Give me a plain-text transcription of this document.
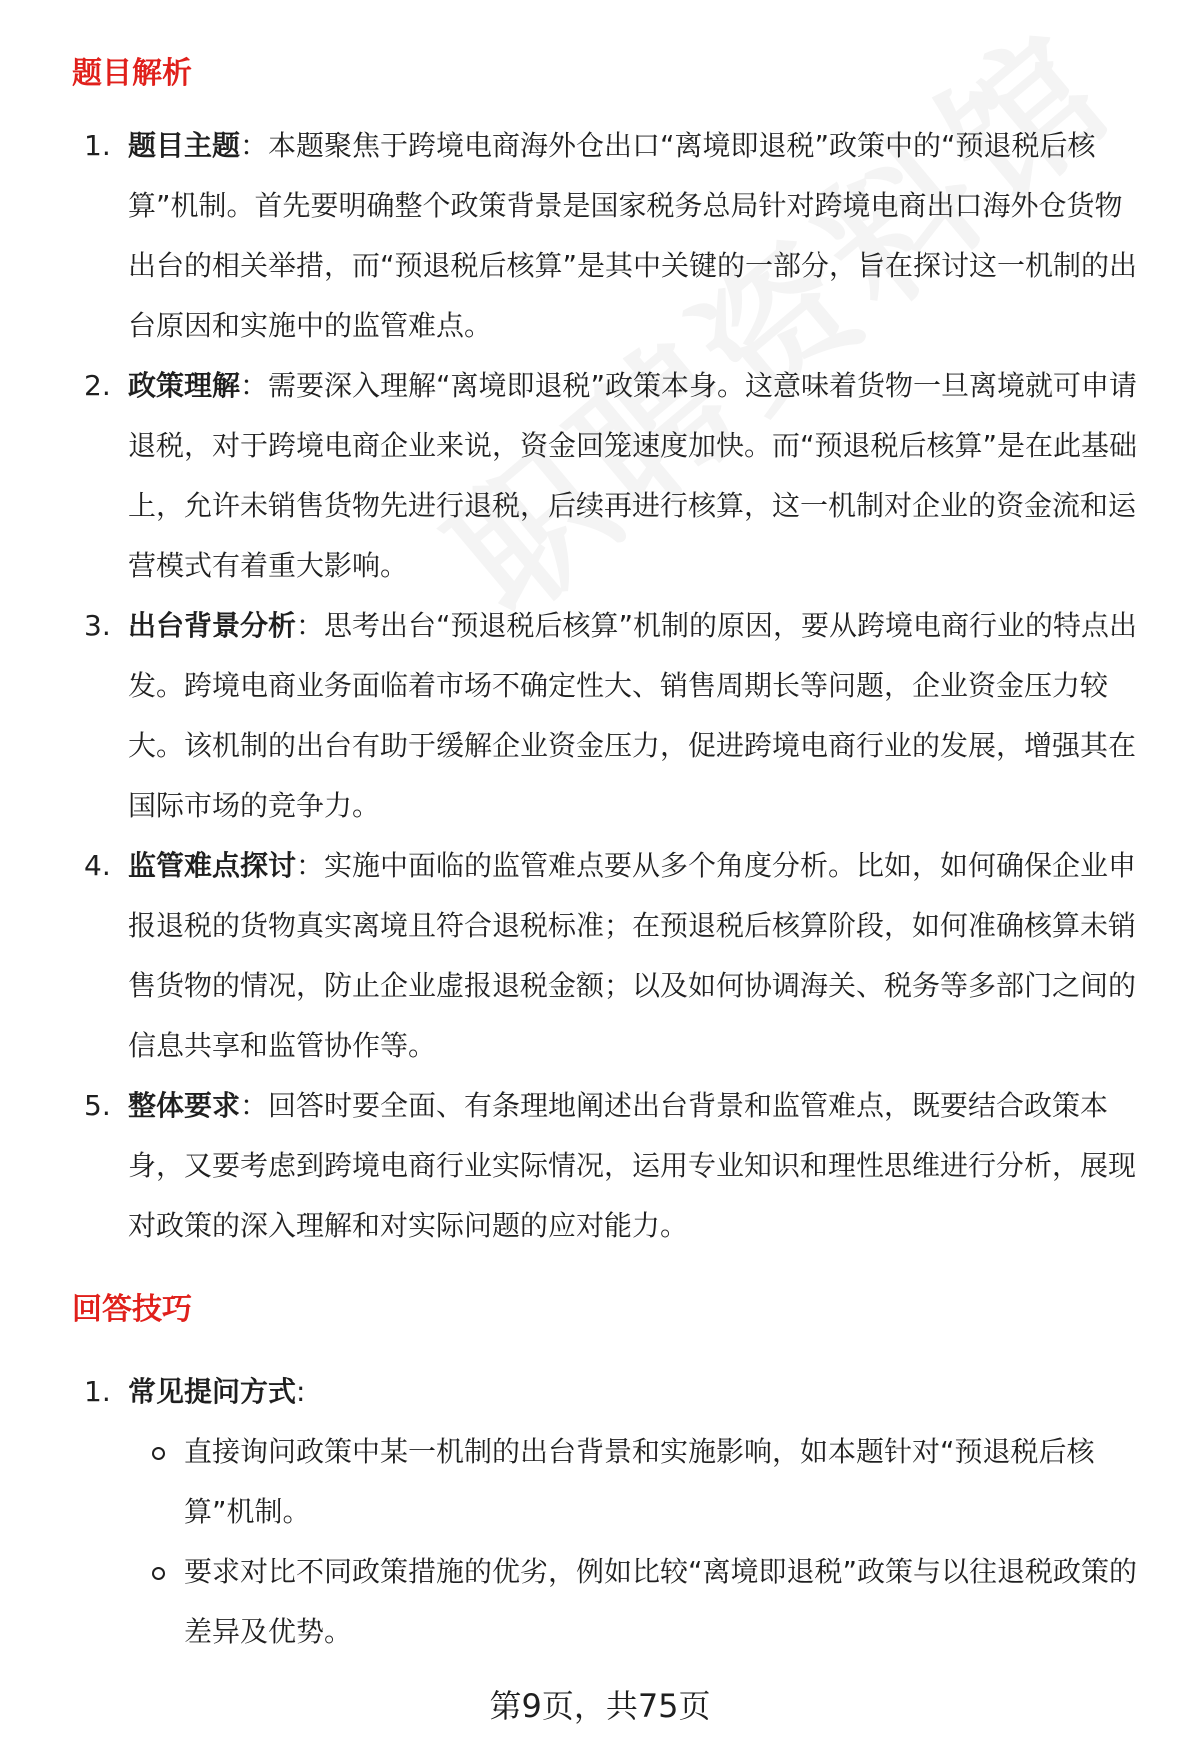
题目解析
1. 题目主题：本题聚焦于跨境电商海外仓出口“离境即退税”政策中的“预退税后核算”机制。首先要明确整个政策背景是国家税务总局针对跨境电商出口海外仓货物出台的相关举措，而“预退税后核算”是其中关键的一部分，旨在探讨这一机制的出台原因和实施中的监管难点。
2. 政策理解：需要深入理解“离境即退税”政策本身。这意味着货物一旦离境就可申请退税，对于跨境电商企业来说，资金回笼速度加快。而“预退税后核算”是在此基础上，允许未销售货物先进行退税，后续再进行核算，这一机制对企业的资金流和运营模式有着重大影响。
3. 出台背景分析：思考出台“预退税后核算”机制的原因，要从跨境电商行业的特点出发。跨境电商业务面临着市场不确定性大、销售周期长等问题，企业资金压力较大。该机制的出台有助于缓解企业资金压力，促进跨境电商行业的发展，增强其在国际市场的竞争力。
4. 监管难点探讨：实施中面临的监管难点要从多个角度分析。比如，如何确保企业申报退税的货物真实离境且符合退税标准；在预退税后核算阶段，如何准确核算未销售货物的情况，防止企业虚报退税金额；以及如何协调海关、税务等多部门之间的信息共享和监管协作等。
5. 整体要求：回答时要全面、有条理地阐述出台背景和监管难点，既要结合政策本身，又要考虑到跨境电商行业实际情况，运用专业知识和理性思维进行分析，展现对政策的深入理解和对实际问题的应对能力。
回答技巧
1. 常见提问方式:
直接询问政策中某一机制的出台背景和实施影响，如本题针对“预退税后核算”机制。
要求对比不同政策措施的优劣，例如比较“离境即退税”政策与以往退税政策的差异及优势。
第9页，共75页
